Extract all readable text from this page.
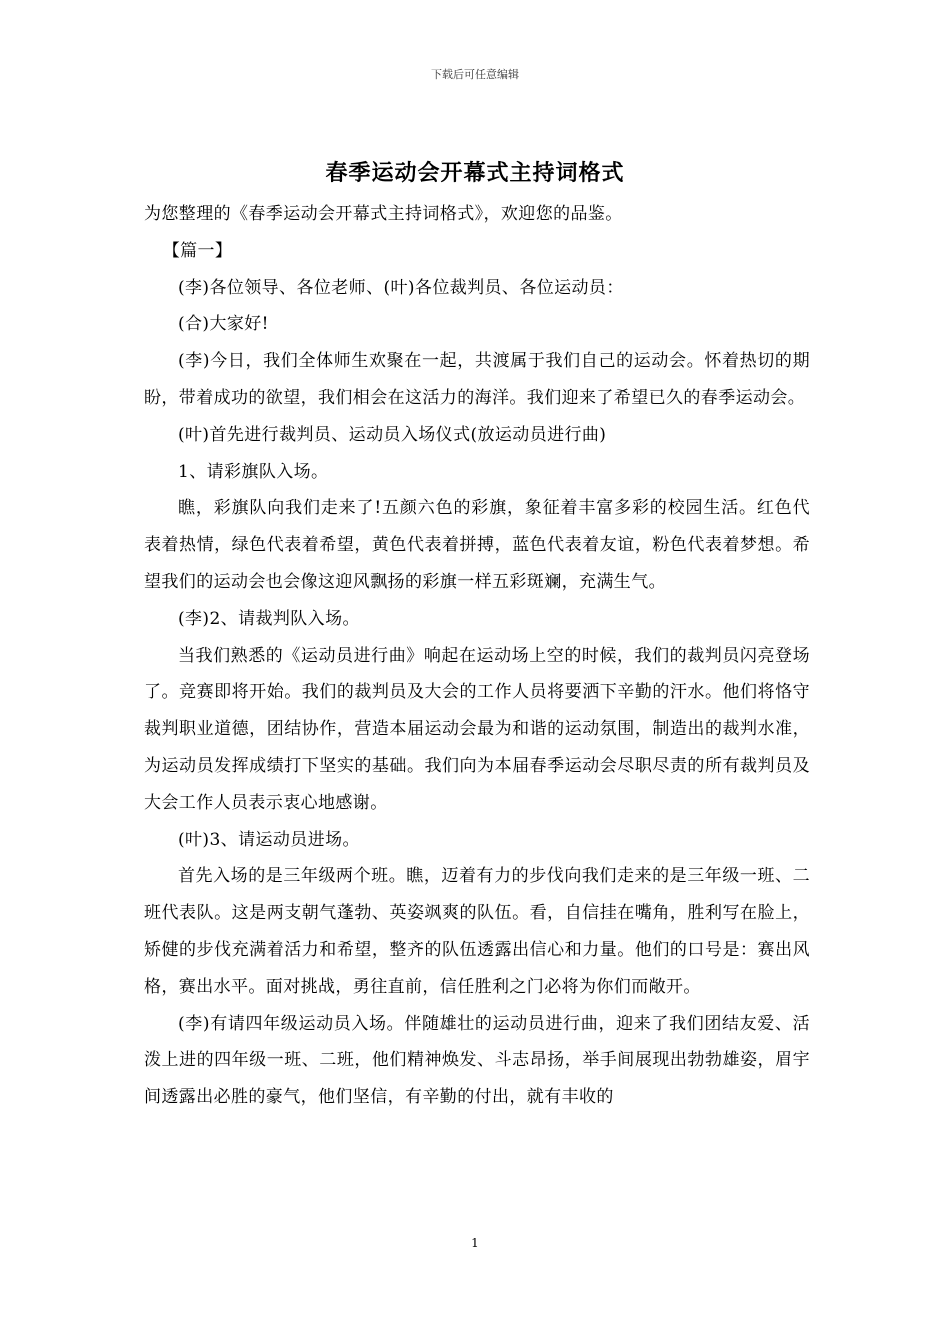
下载后可任意编辑
春季运动会开幕式主持词格式

为您整理的《春季运动会开幕式主持词格式》，欢迎您的品鉴。

【篇一】

(李)各位领导、各位老师、(叶)各位裁判员、各位运动员：

(合)大家好!

(李)今日，我们全体师生欢聚在一起，共渡属于我们自己的运动会。怀着热切的期盼，带着成功的欲望，我们相会在这活力的海洋。我们迎来了希望已久的春季运动会。

(叶)首先进行裁判员、运动员入场仪式(放运动员进行曲)

1、请彩旗队入场。

瞧，彩旗队向我们走来了!五颜六色的彩旗，象征着丰富多彩的校园生活。红色代表着热情，绿色代表着希望，黄色代表着拼搏，蓝色代表着友谊，粉色代表着梦想。希望我们的运动会也会像这迎风飘扬的彩旗一样五彩斑斓，充满生气。

(李)2、请裁判队入场。

当我们熟悉的《运动员进行曲》响起在运动场上空的时候，我们的裁判员闪亮登场了。竞赛即将开始。我们的裁判员及大会的工作人员将要洒下辛勤的汗水。他们将恪守裁判职业道德，团结协作，营造本届运动会最为和谐的运动氛围，制造出的裁判水准，为运动员发挥成绩打下坚实的基础。我们向为本届春季运动会尽职尽责的所有裁判员及大会工作人员表示衷心地感谢。

(叶)3、请运动员进场。

首先入场的是三年级两个班。瞧，迈着有力的步伐向我们走来的是三年级一班、二班代表队。这是两支朝气蓬勃、英姿飒爽的队伍。看，自信挂在嘴角，胜利写在脸上，矫健的步伐充满着活力和希望，整齐的队伍透露出信心和力量。他们的口号是：赛出风格，赛出水平。面对挑战，勇往直前，信任胜利之门必将为你们而敞开。

(李)有请四年级运动员入场。伴随雄壮的运动员进行曲，迎来了我们团结友爱、活泼上进的四年级一班、二班，他们精神焕发、斗志昂扬，举手间展现出勃勃雄姿，眉宇间透露出必胜的豪气，他们坚信，有辛勤的付出，就有丰收的

1
